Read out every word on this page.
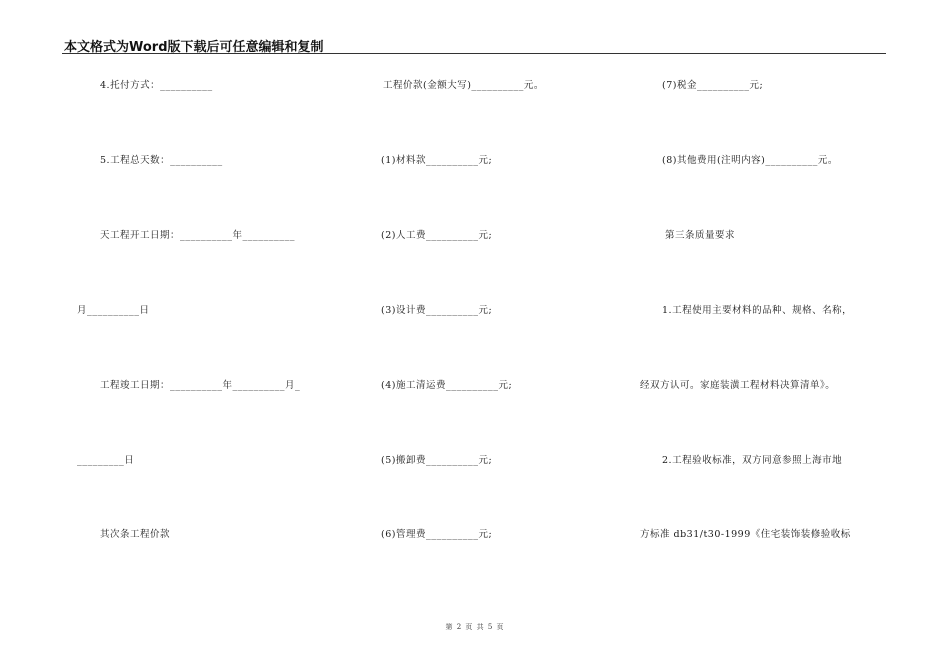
本文格式为Word版下载后可任意编辑和复制
4.托付方式：__________
5.工程总天数：__________
天工程开工日期：__________年__________
月__________日
工程竣工日期：__________年__________月_
_________日
其次条工程价款
工程价款(金额大写)__________元。
(1)材料款__________元;
(2)人工费__________元;
(3)设计费__________元;
(4)施工清运费__________元;
(5)搬卸费__________元;
(6)管理费__________元;
(7)税金__________元;
(8)其他费用(注明内容)__________元。
第三条质量要求
1.工程使用主要材料的品种、规格、名称，
经双方认可。家庭装潢工程材料决算清单》。
2.工程验收标准，双方同意参照上海市地
方标准 db31/t30-1999《住宅装饰装修验收标
第 2 页 共 5 页
